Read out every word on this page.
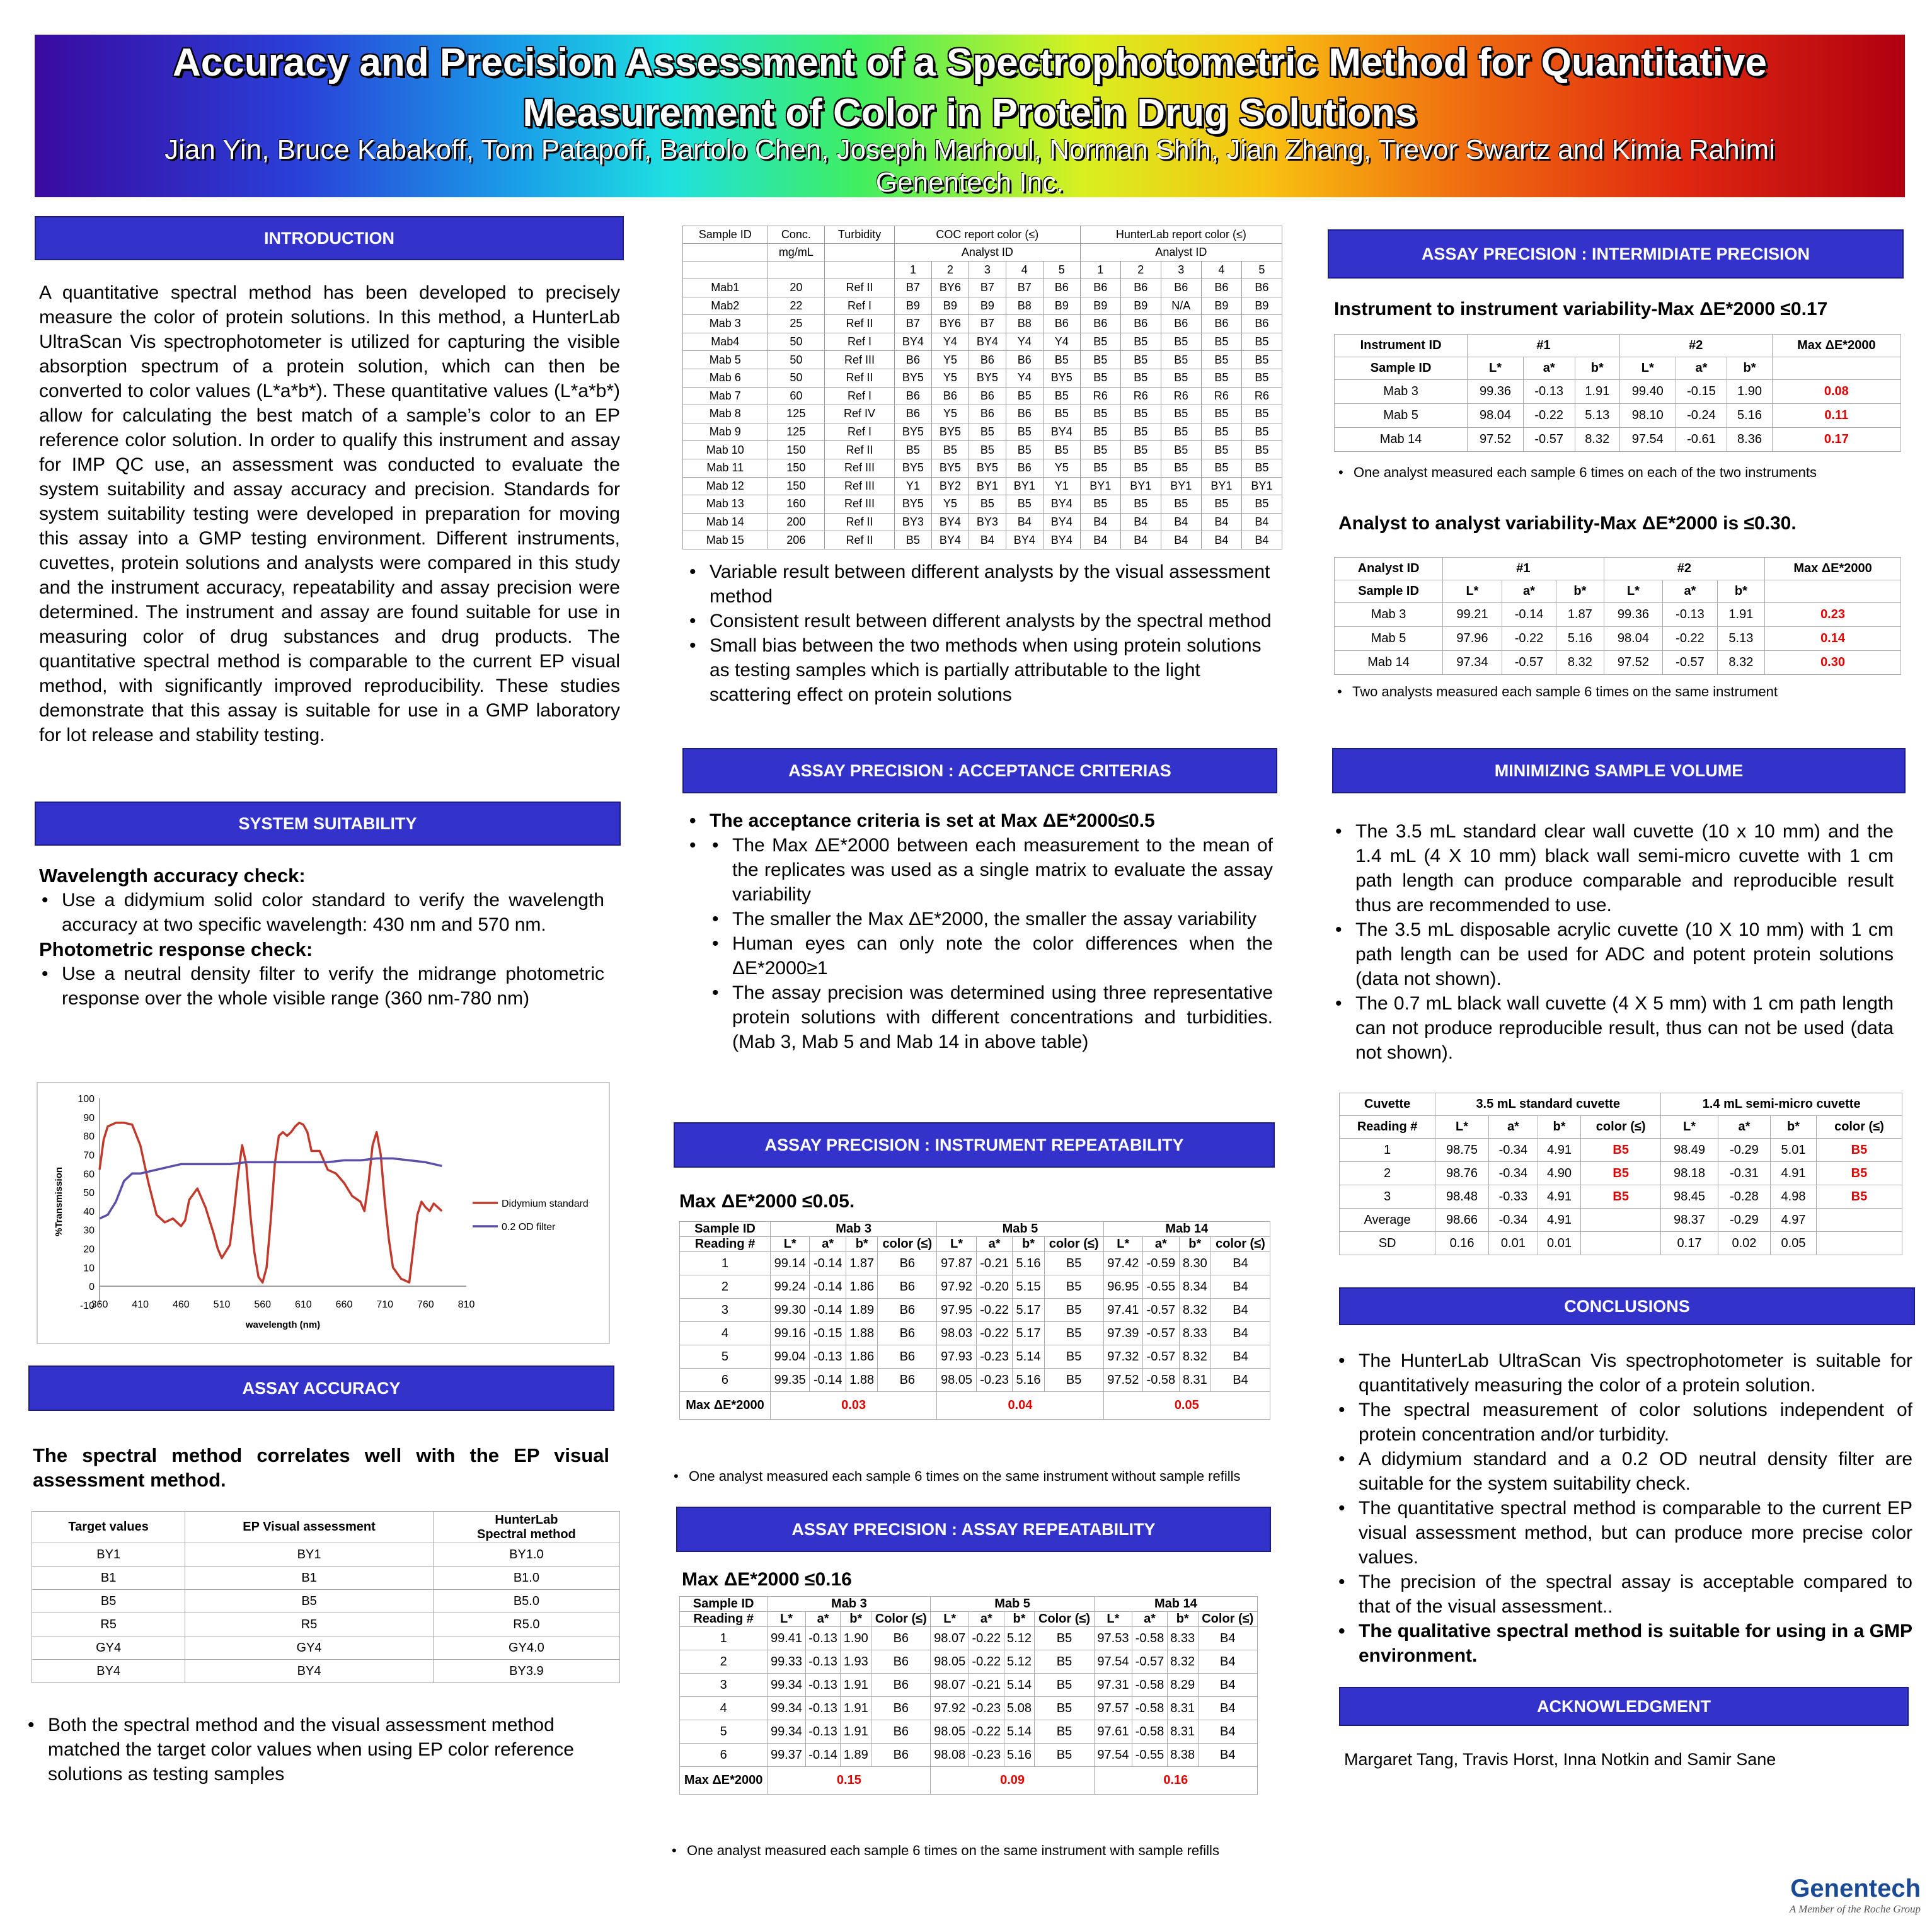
Accuracy and Precision Assessment of a Spectrophotometric Method for Quantitative
Measurement of Color in Protein Drug Solutions
Jian Yin, Bruce Kabakoff, Tom Patapoff, Bartolo Chen, Joseph Marhoul, Norman Shih, Jian Zhang, Trevor Swartz and Kimia Rahimi
Genentech Inc.
INTRODUCTION
A quantitative spectral method has been developed to precisely measure the color of protein solutions. In this method, a HunterLab UltraScan Vis spectrophotometer is utilized for capturing the visible absorption spectrum of a protein solution, which can then be converted to color values (L*a*b*). These quantitative values (L*a*b*) allow for calculating the best match of a sample’s color to an EP reference color solution. In order to qualify this instrument and assay for IMP QC use, an assessment was conducted to evaluate the system suitability and assay accuracy and precision. Standards for system suitability testing were developed in preparation for moving this assay into a GMP testing environment. Different instruments, cuvettes, protein solutions and analysts were compared in this study and the instrument accuracy, repeatability and assay precision were determined. The instrument and assay are found suitable for use in measuring color of drug substances and drug products. The quantitative spectral method is comparable to the current EP visual method, with significantly improved reproducibility. These studies demonstrate that this assay is suitable for use in a GMP laboratory for lot release and stability testing.
SYSTEM SUITABILITY
Wavelength accuracy check:
• Use a didymium solid color standard to verify the wavelength accuracy at two specific wavelength: 430 nm and 570 nm.
Photometric response check:
• Use a neutral density filter to verify the midrange photometric response over the whole visible range (360 nm-780 nm)
-10
0
10
20
30
40
50
60
70
80
90
100
360 410 460 510 560 610 660 710 760 810
wavelength (nm)
%Transmission	Didymium standard
0.2 OD filter
ASSAY ACCURACY
The spectral method correlates well with the EP visual assessment method.
Target values	EP Visual assessment	HunterLab
Spectral method
BY1	BY1	BY1.0
B1	B1	B1.0
B5	B5	B5.0
R5	R5	R5.0
GY4	GY4	GY4.0
BY4	BY4	BY3.9
• Both the spectral method and the visual assessment method matched the target color values when using EP color reference solutions as testing samples
Sample ID	Conc.	Turbidity	COC report color (≤)					HunterLab report color (≤)				
	mg/mL		Analyst ID					Analyst ID				
			1	2	3	4	5	1	2	3	4	5
Mab1	20	Ref II	B7	BY6	B7	B7	B6	B6	B6	B6	B6	B6
Mab2	22	Ref I	B9	B9	B9	B8	B9	B9	B9	N/A	B9	B9
Mab 3	25	Ref II	B7	BY6	B7	B8	B6	B6	B6	B6	B6	B6
Mab4	50	Ref I	BY4	Y4	BY4	Y4	Y4	B5	B5	B5	B5	B5
Mab 5	50	Ref III	B6	Y5	B6	B6	B5	B5	B5	B5	B5	B5
Mab 6	50	Ref II	BY5	Y5	BY5	Y4	BY5	B5	B5	B5	B5	B5
Mab 7	60	Ref I	B6	B6	B6	B5	B5	R6	R6	R6	R6	R6
Mab 8	125	Ref IV	B6	Y5	B6	B6	B5	B5	B5	B5	B5	B5
Mab 9	125	Ref I	BY5	BY5	B5	B5	BY4	B5	B5	B5	B5	B5
Mab 10	150	Ref II	B5	B5	B5	B5	B5	B5	B5	B5	B5	B5
Mab 11	150	Ref III	BY5	BY5	BY5	B6	Y5	B5	B5	B5	B5	B5
Mab 12	150	Ref III	Y1	BY2	BY1	BY1	Y1	BY1	BY1	BY1	BY1	BY1
Mab 13	160	Ref III	BY5	Y5	B5	B5	BY4	B5	B5	B5	B5	B5
Mab 14	200	Ref II	BY3	BY4	BY3	B4	BY4	B4	B4	B4	B4	B4
Mab 15	206	Ref II	B5	BY4	B4	BY4	BY4	B4	B4	B4	B4	B4
• Variable result between different analysts by the visual assessment method
• Consistent result between different analysts by the spectral method
• Small bias between the two methods when using protein solutions as testing samples which is partially attributable to the light scattering effect on protein solutions
ASSAY PRECISION : ACCEPTANCE CRITERIAS
• The acceptance criteria is set at Max ΔE*2000≤0.5
• • The Max ΔE*2000 between each measurement to the mean of the replicates was used as a single matrix to evaluate the assay variability
• The smaller the Max ΔE*2000, the smaller the assay variability
• Human eyes can only note the color differences when the ΔE*2000≥1
• The assay precision was determined using three representative protein solutions with different concentrations and turbidities. (Mab 3, Mab 5 and Mab 14 in above table)
ASSAY PRECISION : INSTRUMENT REPEATABILITY
Max ΔE*2000 ≤0.05.
Sample ID	Mab 3				Mab 5				Mab 14			
Reading #	L*	a*	b*	color (≤)	L*	a*	b*	color (≤)	L*	a*	b*	color (≤)
1	99.14	-0.14	1.87	B6	97.87	-0.21	5.16	B5	97.42	-0.59	8.30	B4
2	99.24	-0.14	1.86	B6	97.92	-0.20	5.15	B5	96.95	-0.55	8.34	B4
3	99.30	-0.14	1.89	B6	97.95	-0.22	5.17	B5	97.41	-0.57	8.32	B4
4	99.16	-0.15	1.88	B6	98.03	-0.22	5.17	B5	97.39	-0.57	8.33	B4
5	99.04	-0.13	1.86	B6	97.93	-0.23	5.14	B5	97.32	-0.57	8.32	B4
6	99.35	-0.14	1.88	B6	98.05	-0.23	5.16	B5	97.52	-0.58	8.31	B4
Max ΔE*2000	0.03				0.04				0.05			
• One analyst measured each sample 6 times on the same instrument without sample refills
ASSAY PRECISION : ASSAY REPEATABILITY
Max ΔE*2000 ≤0.16
Sample ID	Mab 3				Mab 5				Mab 14			
Reading #	L*	a*	b*	Color (≤)	L*	a*	b*	Color (≤)	L*	a*	b*	Color (≤)
1	99.41	-0.13	1.90	B6	98.07	-0.22	5.12	B5	97.53	-0.58	8.33	B4
2	99.33	-0.13	1.93	B6	98.05	-0.22	5.12	B5	97.54	-0.57	8.32	B4
3	99.34	-0.13	1.91	B6	98.07	-0.21	5.14	B5	97.31	-0.58	8.29	B4
4	99.34	-0.13	1.91	B6	97.92	-0.23	5.08	B5	97.57	-0.58	8.31	B4
5	99.34	-0.13	1.91	B6	98.05	-0.22	5.14	B5	97.61	-0.58	8.31	B4
6	99.37	-0.14	1.89	B6	98.08	-0.23	5.16	B5	97.54	-0.55	8.38	B4
Max ΔE*2000	0.15				0.09				0.16			
• One analyst measured each sample 6 times on the same instrument with sample refills
ASSAY PRECISION : INTERMIDIATE PRECISION
Instrument to instrument variability-Max ΔE*2000 ≤0.17
Instrument ID	#1			#2			Max ΔE*2000
Sample ID	L*	a*	b*	L*	a*	b*	
Mab 3	99.36	-0.13	1.91	99.40	-0.15	1.90	0.08
Mab 5	98.04	-0.22	5.13	98.10	-0.24	5.16	0.11
Mab 14	97.52	-0.57	8.32	97.54	-0.61	8.36	0.17
• One analyst measured each sample 6 times on each of the two instruments
Analyst to analyst variability-Max ΔE*2000 is ≤0.30.
Analyst ID	#1			#2			Max ΔE*2000
Sample ID	L*	a*	b*	L*	a*	b*	
Mab 3	99.21	-0.14	1.87	99.36	-0.13	1.91	0.23
Mab 5	97.96	-0.22	5.16	98.04	-0.22	5.13	0.14
Mab 14	97.34	-0.57	8.32	97.52	-0.57	8.32	0.30
• Two analysts measured each sample 6 times on the same instrument
MINIMIZING SAMPLE VOLUME
• The 3.5 mL standard clear wall cuvette (10 x 10 mm) and the 1.4 mL (4 X 10 mm) black wall semi-micro cuvette with 1 cm path length can produce comparable and reproducible result thus are recommended to use.
• The 3.5 mL disposable acrylic cuvette (10 X 10 mm) with 1 cm path length can be used for ADC and potent protein solutions (data not shown).
• The 0.7 mL black wall cuvette (4 X 5 mm) with 1 cm path length can not produce reproducible result, thus can not be used (data not shown).
Cuvette	3.5 mL standard cuvette				1.4 mL semi-micro cuvette			
Reading #	L*	a*	b*	color (≤)	L*	a*	b*	color (≤)
1	98.75	-0.34	4.91	B5	98.49	-0.29	5.01	B5
2	98.76	-0.34	4.90	B5	98.18	-0.31	4.91	B5
3	98.48	-0.33	4.91	B5	98.45	-0.28	4.98	B5
Average	98.66	-0.34	4.91		98.37	-0.29	4.97	
SD	0.16	0.01	0.01		0.17	0.02	0.05	
CONCLUSIONS
• The HunterLab UltraScan Vis spectrophotometer is suitable for quantitatively measuring the color of a protein solution.
• The spectral measurement of color solutions independent of protein concentration and/or turbidity.
• A didymium standard and a 0.2 OD neutral density filter are suitable for the system suitability check.
• The quantitative spectral method is comparable to the current EP visual assessment method, but can produce more precise color values.
• The precision of the spectral assay is acceptable compared to that of the visual assessment..
• The qualitative spectral method is suitable for using in a GMP environment.
ACKNOWLEDGMENT
Margaret Tang, Travis Horst, Inna Notkin and Samir Sane
Genentech
A Member of the Roche Group
